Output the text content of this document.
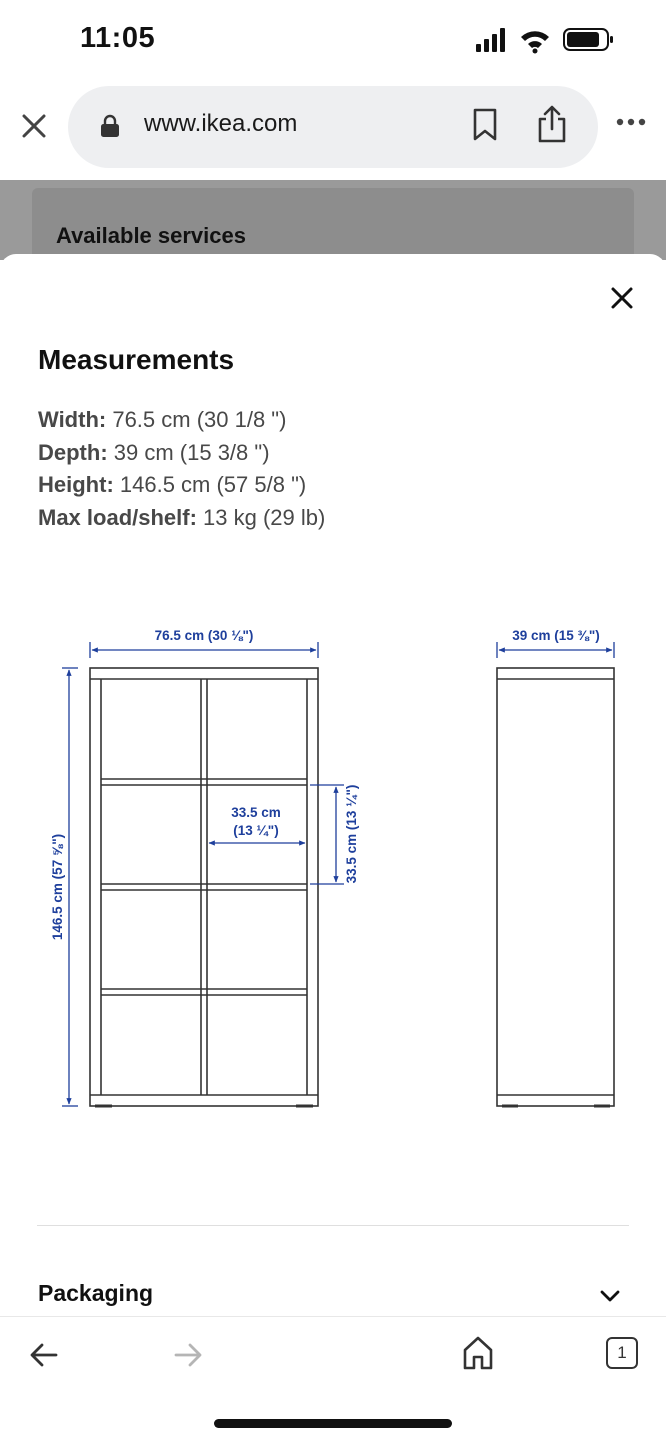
11:05
www.ikea.com
Available services
Measurements
Width: 76.5 cm (30 1/8 ")
Depth: 39 cm (15 3/8 ")
Height: 146.5 cm (57 5/8 ")
Max load/shelf: 13 kg (29 lb)
76.5 cm (30 ⅛")	39 cm (15 ⅜")
146.5 cm (57 ⅝")
33.5 cm
(13 ¼")	33.5 cm (13 ¼")
Packaging
1
